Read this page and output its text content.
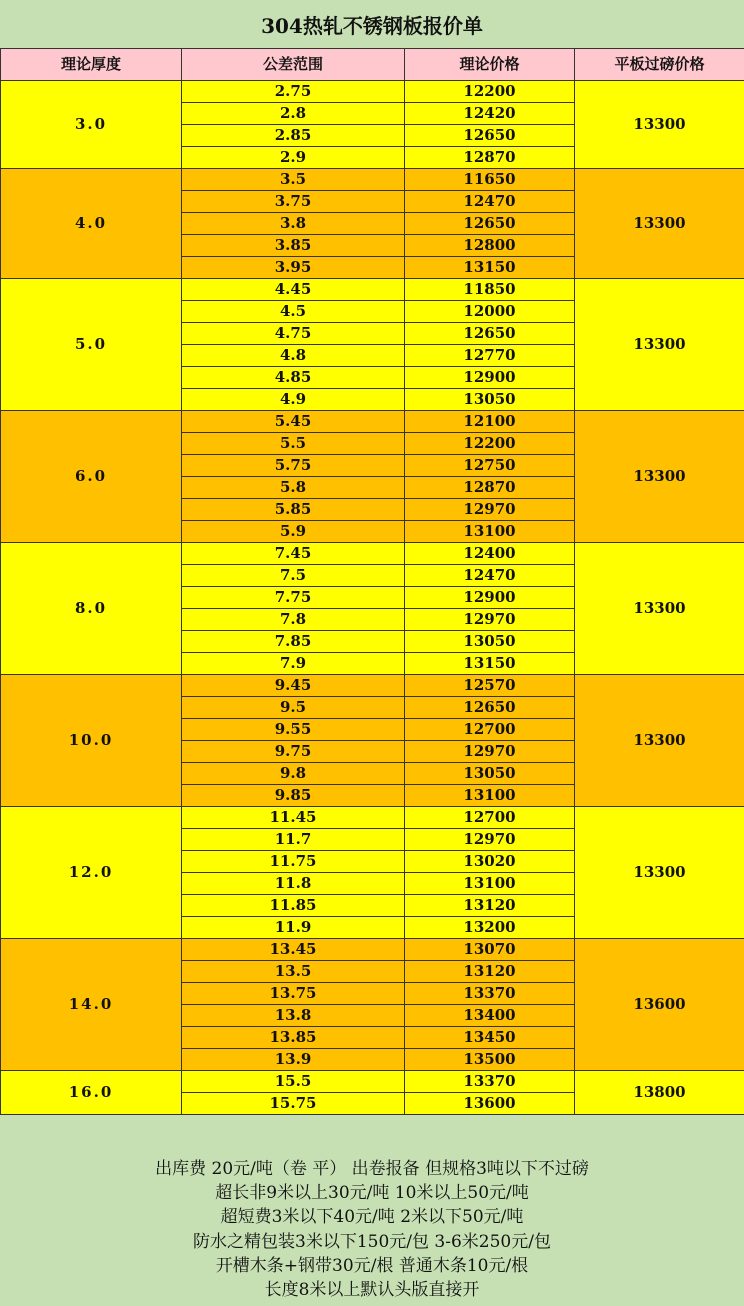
304热轧不锈钢板报价单
理论厚度	公差范围	理论价格	平板过磅价格
3.0	2.75	12200	13300
	2.8	12420	
	2.85	12650	
	2.9	12870	
4.0	3.5	11650	13300
	3.75	12470	
	3.8	12650	
	3.85	12800	
	3.95	13150	
5.0	4.45	11850	13300
	4.5	12000	
	4.75	12650	
	4.8	12770	
	4.85	12900	
	4.9	13050	
6.0	5.45	12100	13300
	5.5	12200	
	5.75	12750	
	5.8	12870	
	5.85	12970	
	5.9	13100	
8.0	7.45	12400	13300
	7.5	12470	
	7.75	12900	
	7.8	12970	
	7.85	13050	
	7.9	13150	
10.0	9.45	12570	13300
	9.5	12650	
	9.55	12700	
	9.75	12970	
	9.8	13050	
	9.85	13100	
12.0	11.45	12700	13300
	11.7	12970	
	11.75	13020	
	11.8	13100	
	11.85	13120	
	11.9	13200	
14.0	13.45	13070	13600
	13.5	13120	
	13.75	13370	
	13.8	13400	
	13.85	13450	
	13.9	13500	
16.0	15.5	13370	13800
	15.75	13600	
出库费 20元/吨（卷 平） 出卷报备 但规格3吨以下不过磅
超长非9米以上30元/吨 10米以上50元/吨
超短费3米以下40元/吨 2米以下50元/吨
防水之精包装3米以下150元/包 3-6米250元/包
开槽木条+钢带30元/根 普通木条10元/根
长度8米以上默认头版直接开
